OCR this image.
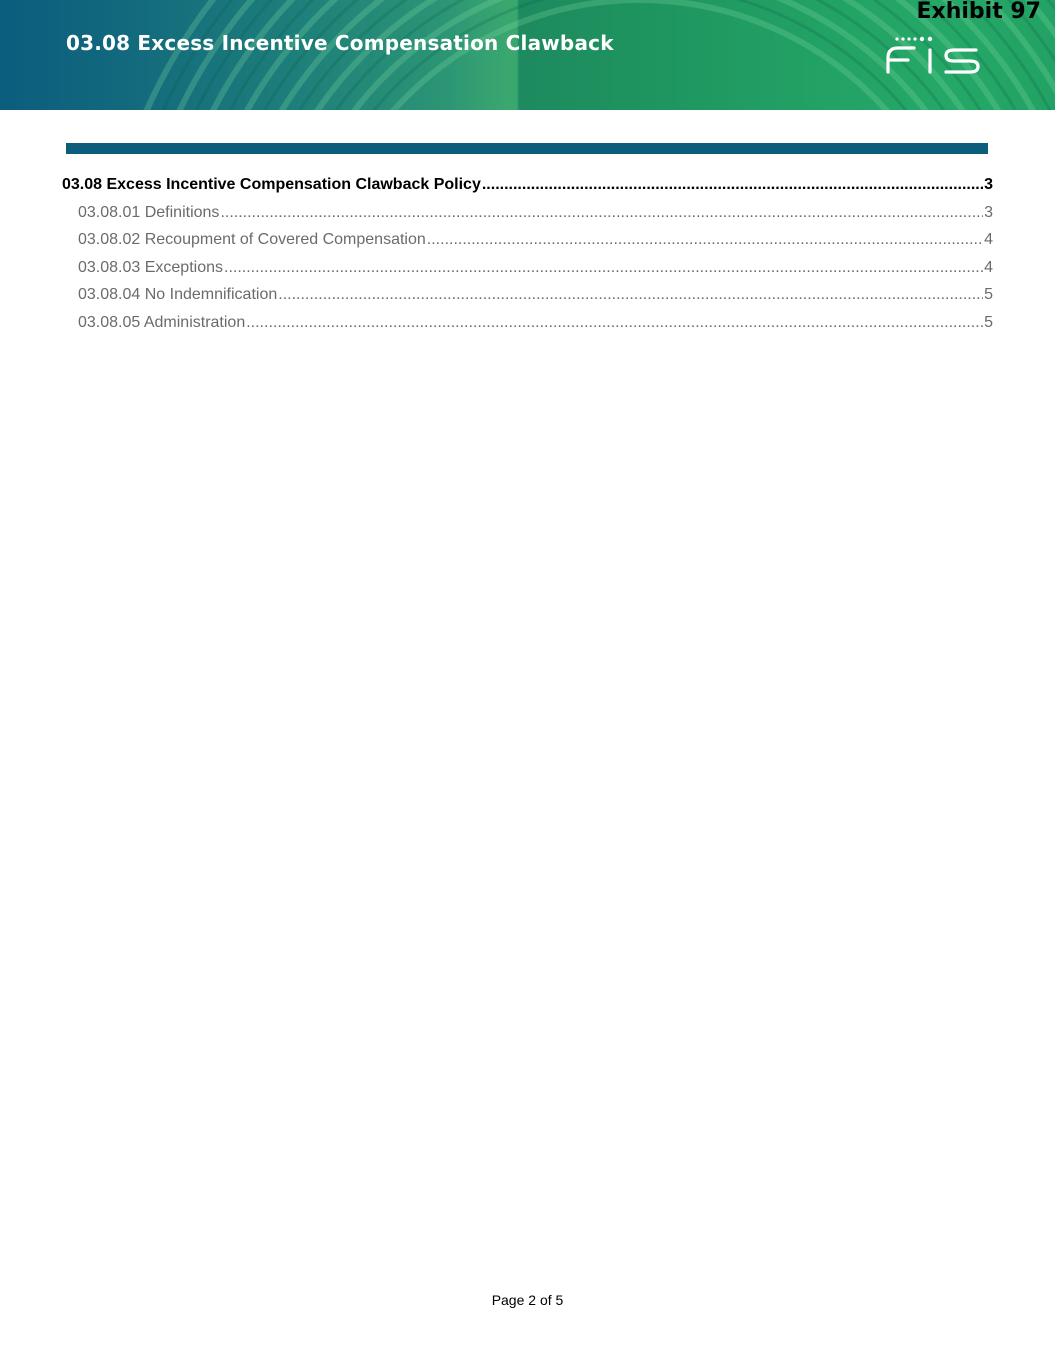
03.08 Excess Incentive Compensation Clawback
Exhibit 97
03.08 Excess Incentive Compensation Clawback Policy .....	3
03.08.01 Definitions .....	3
03.08.02 Recoupment of Covered Compensation .....	4
03.08.03 Exceptions .....	4
03.08.04 No Indemnification .....	5
03.08.05 Administration .....	5
Page 2 of 5
